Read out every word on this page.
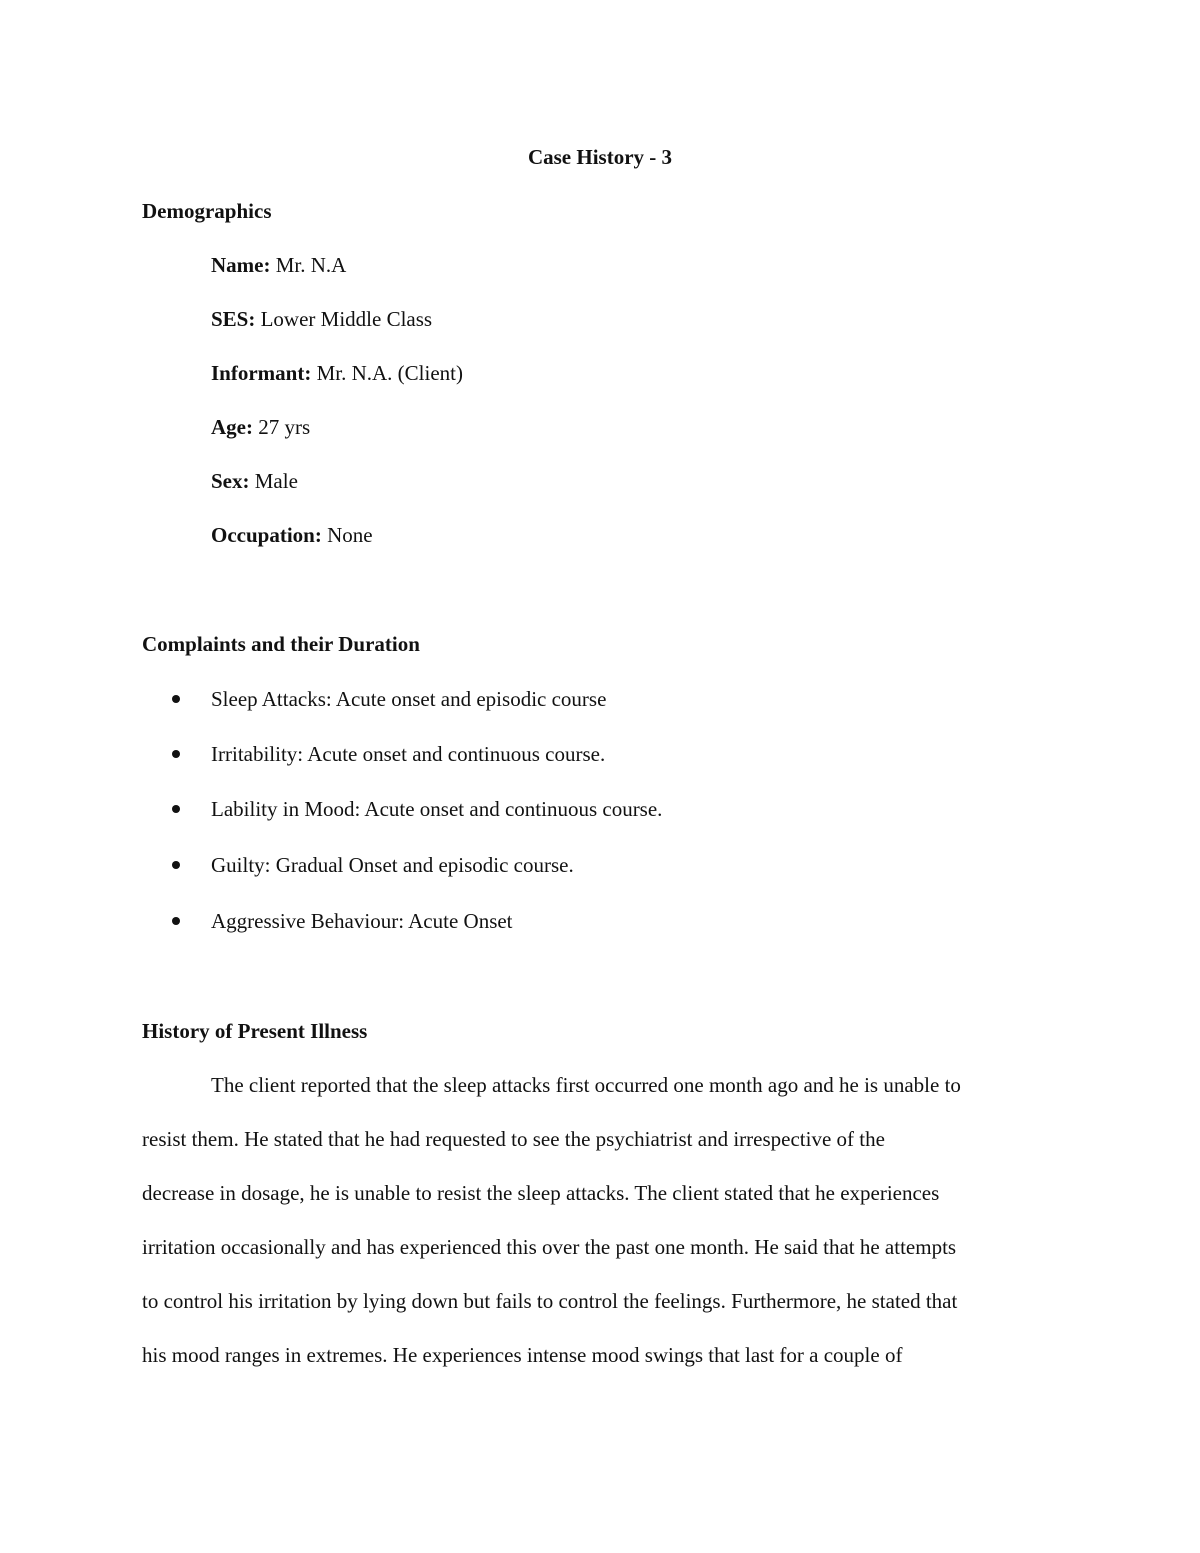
Case History - 3
Demographics
Name: Mr. N.A
SES: Lower Middle Class
Informant: Mr. N.A. (Client)
Age: 27 yrs
Sex: Male
Occupation: None
Complaints and their Duration
Sleep Attacks: Acute onset and episodic course
Irritability: Acute onset and continuous course.
Lability in Mood: Acute onset and continuous course.
Guilty: Gradual Onset and episodic course.
Aggressive Behaviour: Acute Onset
History of Present Illness
The client reported that the sleep attacks first occurred one month ago and he is unable to
resist them. He stated that he had requested to see the psychiatrist and irrespective of the
decrease in dosage, he is unable to resist the sleep attacks. The client stated that he experiences
irritation occasionally and has experienced this over the past one month. He said that he attempts
to control his irritation by lying down but fails to control the feelings. Furthermore, he stated that
his mood ranges in extremes. He experiences intense mood swings that last for a couple of
